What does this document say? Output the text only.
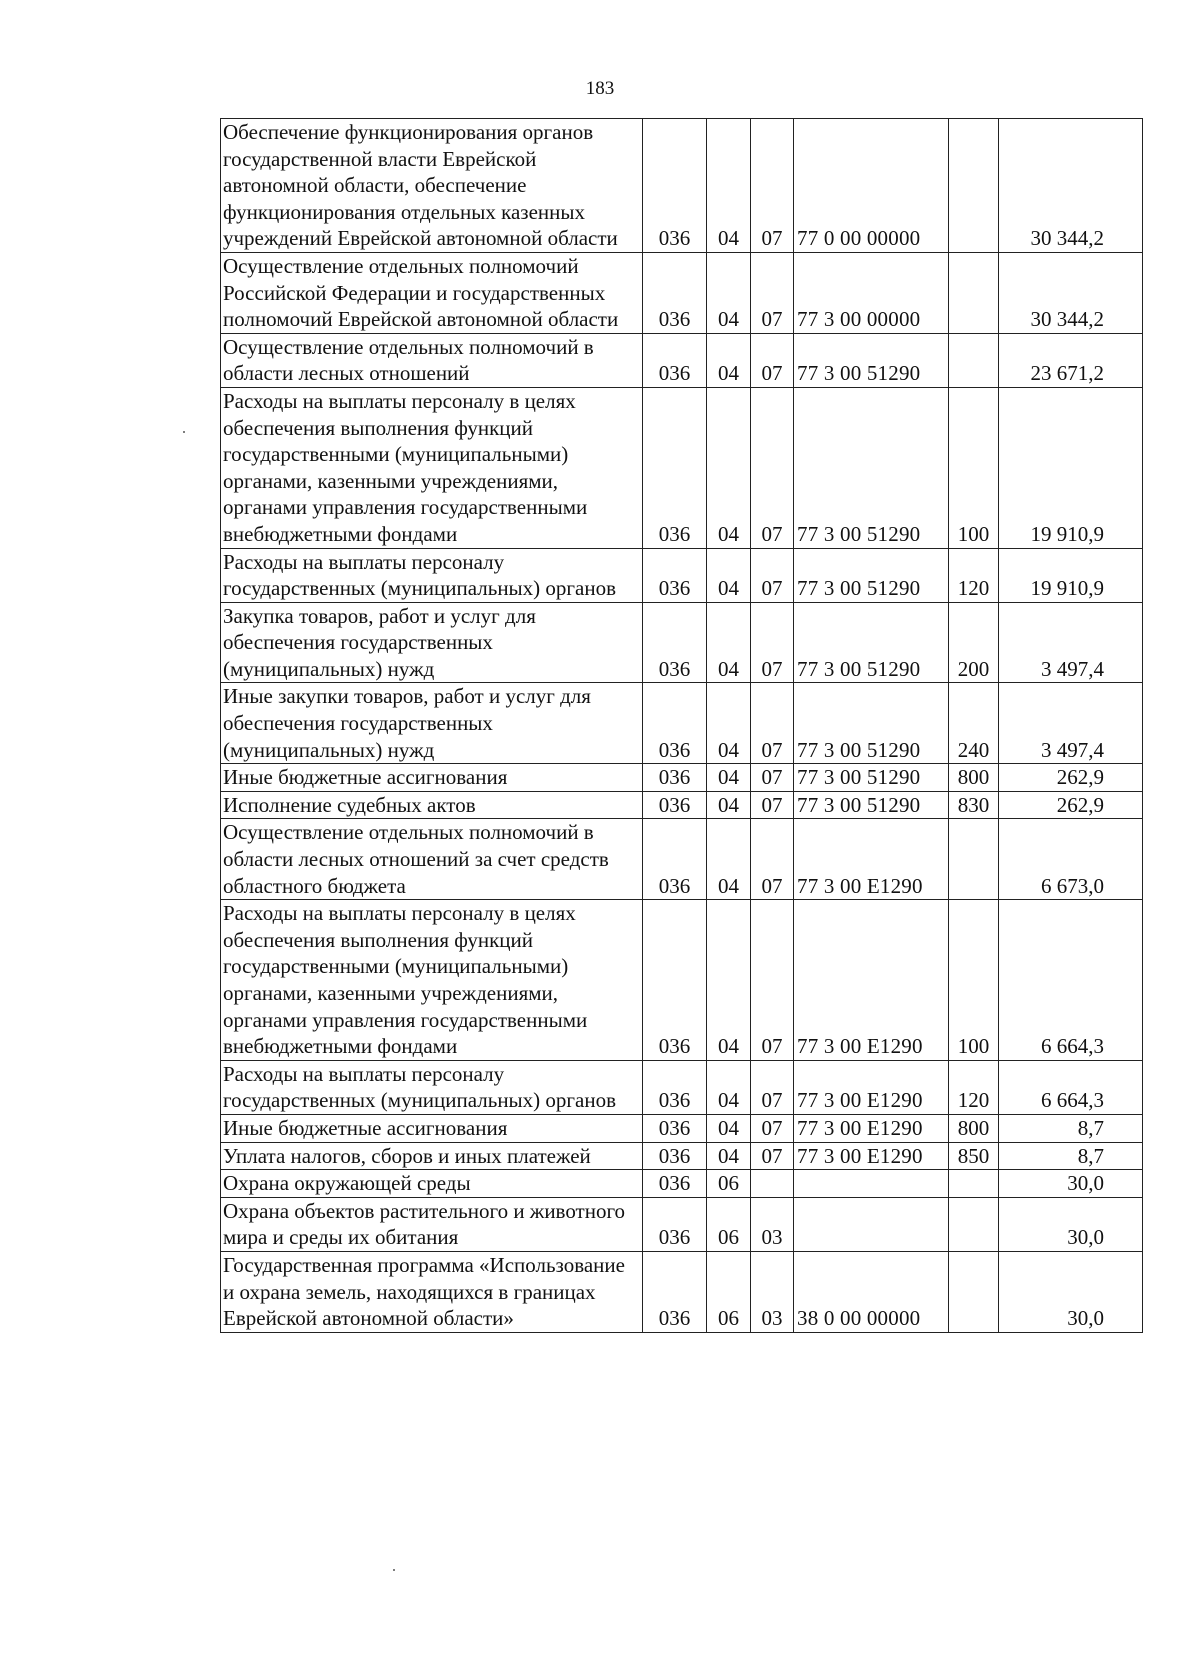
183
Обеспечение функционирования органов государственной власти Еврейской автономной области, обеспечение функционирования отдельных казенных учреждений Еврейской автономной области	036	04	07	77 0 00 00000		30 344,2
Осуществление отдельных полномочий Российской Федерации и государственных полномочий Еврейской автономной области	036	04	07	77 3 00 00000		30 344,2
Осуществление отдельных полномочий в области лесных отношений	036	04	07	77 3 00 51290		23 671,2
Расходы на выплаты персоналу в целях обеспечения выполнения функций государственными (муниципальными) органами, казенными учреждениями, органами управления государственными внебюджетными фондами	036	04	07	77 3 00 51290	100	19 910,9
Расходы на выплаты персоналу государственных (муниципальных) органов	036	04	07	77 3 00 51290	120	19 910,9
Закупка товаров, работ и услуг для обеспечения государственных (муниципальных) нужд	036	04	07	77 3 00 51290	200	3 497,4
Иные закупки товаров, работ и услуг для обеспечения государственных (муниципальных) нужд	036	04	07	77 3 00 51290	240	3 497,4
Иные бюджетные ассигнования	036	04	07	77 3 00 51290	800	262,9
Исполнение судебных актов	036	04	07	77 3 00 51290	830	262,9
Осуществление отдельных полномочий в области лесных отношений за счет средств областного бюджета	036	04	07	77 3 00 E1290		6 673,0
Расходы на выплаты персоналу в целях обеспечения выполнения функций государственными (муниципальными) органами, казенными учреждениями, органами управления государственными внебюджетными фондами	036	04	07	77 3 00 E1290	100	6 664,3
Расходы на выплаты персоналу государственных (муниципальных) органов	036	04	07	77 3 00 E1290	120	6 664,3
Иные бюджетные ассигнования	036	04	07	77 3 00 E1290	800	8,7
Уплата налогов, сборов и иных платежей	036	04	07	77 3 00 E1290	850	8,7
Охрана окружающей среды	036	06				30,0
Охрана объектов растительного и животного мира и среды их обитания	036	06	03			30,0
Государственная программа «Использование и охрана земель, находящихся в границах Еврейской автономной области»	036	06	03	38 0 00 00000		30,0
